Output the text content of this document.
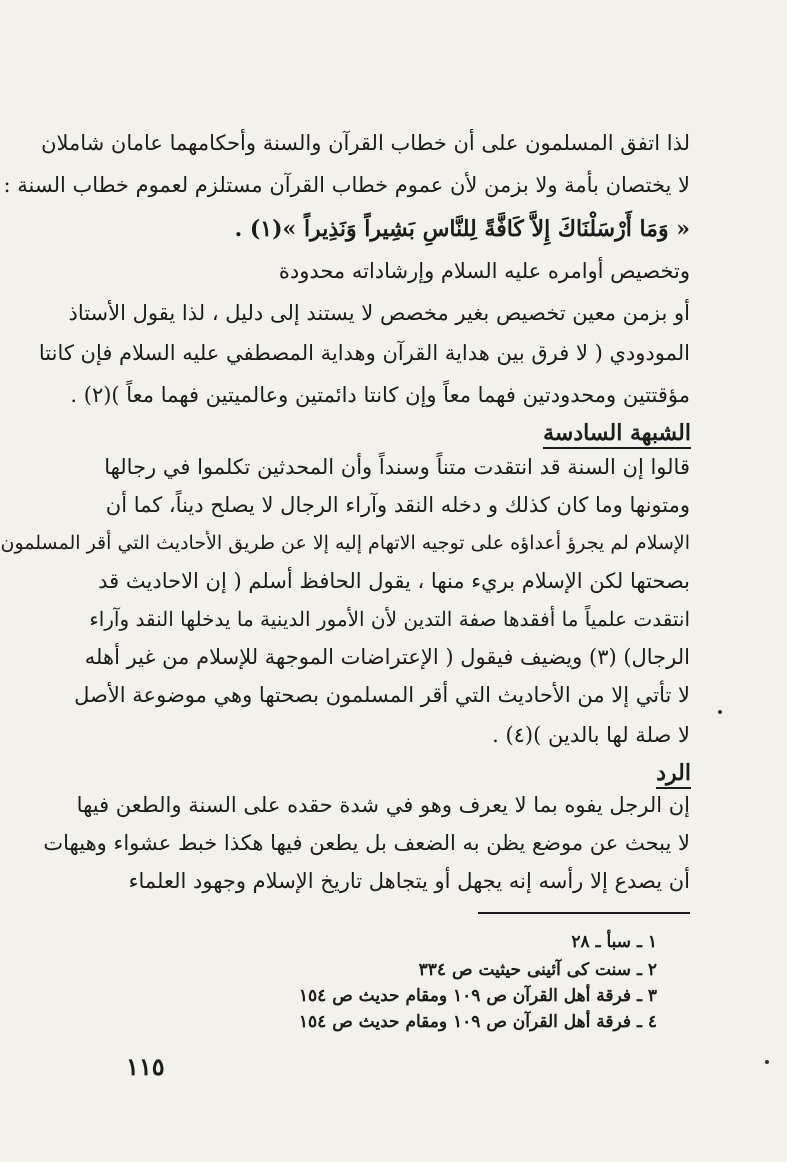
لذا اتفق المسلمون على أن خطاب القرآن والسنة وأحكامهما عامان شاملان
لا يختصان بأمة ولا بزمن لأن عموم خطاب القرآن مستلزم لعموم خطاب السنة :
« وَمَا أَرْسَلْنَاكَ إِلاَّ كَافَّةً لِلنَّاسِ بَشِيراً وَنَذِيراً »(١) .
وتخصيص أوامره عليه السلام وإرشاداته محدودة
أو بزمن معين تخصيص بغير مخصص لا يستند إلى دليل ، لذا يقول الأستاذ
المودودي ( لا فرق بين هداية القرآن وهداية المصطفي عليه السلام فإن كانتا
مؤقتتين ومحدودتين فهما معاً وإن كانتا دائمتين وعالميتين فهما معاً )(٢) .
الشبهة السادسة
قالوا إن السنة قد انتقدت متناً وسنداً وأن المحدثين تكلموا في رجالها
ومتونها وما كان كذلك و دخله النقد وآراء الرجال لا يصلح ديناً، كما أن
الإسلام لم يجرؤ أعداؤه على توجيه الاتهام إليه إلا عن طريق الأحاديث التي أقر المسلمون
بصحتها لكن الإسلام بريء منها ، يقول الحافظ أسلم ( إن الاحاديث قد
انتقدت علمياً ما أفقدها صفة التدين لأن الأمور الدينية ما يدخلها النقد وآراء
الرجال) (٣) ويضيف فيقول ( الإعتراضات الموجهة للإسلام من غير أهله
لا تأتي إلا من الأحاديث التي أقر المسلمون بصحتها وهي موضوعة الأصل
لا صلة لها بالدين )(٤) .
الرد
إن الرجل يفوه بما لا يعرف وهو في شدة حقده على السنة والطعن فيها
لا يبحث عن موضع يظن به الضعف بل يطعن فيها هكذا خبط عشواء وهيهات
أن يصدع إلا رأسه إنه يجهل أو يتجاهل تاريخ الإسلام وجهود العلماء
١ ـ سبأ ـ ٢٨
٢ ـ سنت كى آئينى حيثيت ص ٣٣٤
٣ ـ فرقة أهل القرآن ص ١٠٩ ومقام حديث ص ١٥٤
٤ ـ فرقة أهل القرآن ص ١٠٩ ومقام حديث ص ١٥٤
١١٥
